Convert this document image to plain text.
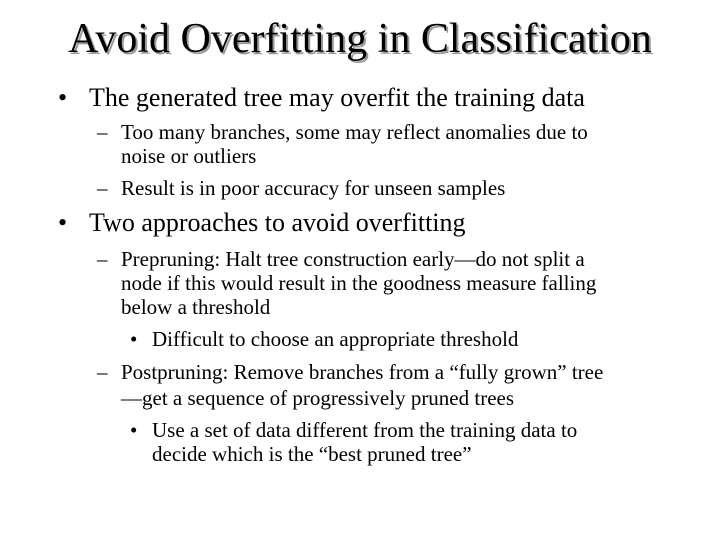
Avoid Overfitting in Classification
• The generated tree may overfit the training data
– Too many branches, some may reflect anomalies due to
noise or outliers
– Result is in poor accuracy for unseen samples
• Two approaches to avoid overfitting
– Prepruning: Halt tree construction early—do not split a
node if this would result in the goodness measure falling
below a threshold
• Difficult to choose an appropriate threshold
– Postpruning: Remove branches from a “fully grown” tree
—get a sequence of progressively pruned trees
• Use a set of data different from the training data to
decide which is the “best pruned tree”
